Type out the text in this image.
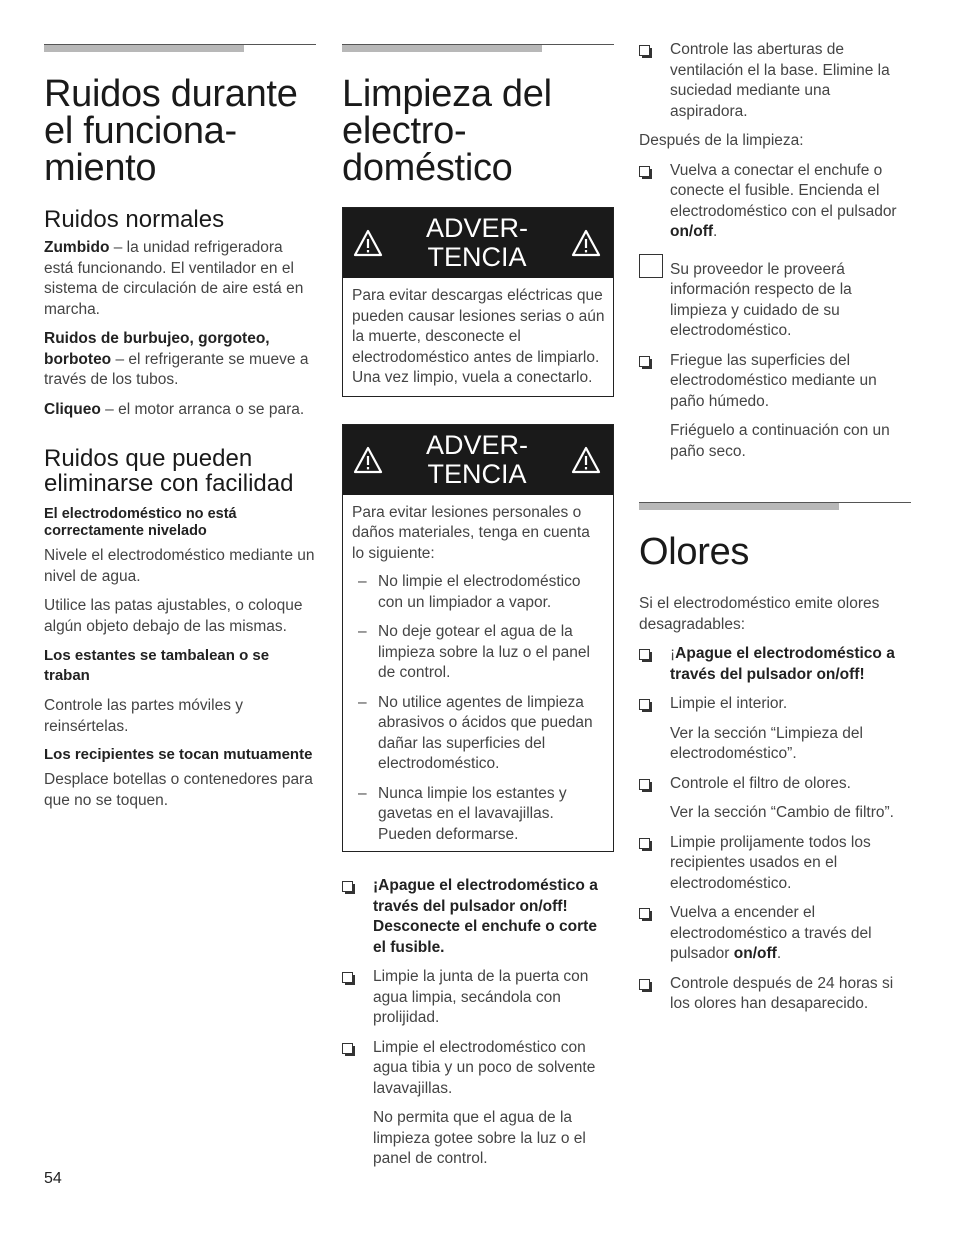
Ruidos durante
el funciona-
miento
Ruidos normales

Zumbido – la unidad refrigeradora está funcionando. El ventilador en el sistema de circulación de aire está en marcha.

Ruidos de burbujeo, gorgoteo, borboteo – el refrigerante se mueve a través de los tubos.

Cliqueo – el motor arranca o se para.

Ruidos que pueden eliminarse con facilidad
El electrodoméstico no está correctamente nivelado

Nivele el electrodoméstico mediante un nivel de agua.

Utilice las patas ajustables, o coloque algún objeto debajo de las mismas.

Los estantes se tambalean o se traban

Controle las partes móviles y reinsértelas.

Los recipientes se tocan mutuamente

Desplace botellas o contenedores para que no se toquen.

Limpieza del
electro-
doméstico
ADVER-
TENCIA

Para evitar descargas eléctricas que pueden causar lesiones serias o aún la muerte, desconecte el electrodoméstico antes de limpiarlo. Una vez limpio, vuela a conectarlo.

ADVER-
TENCIA

Para evitar lesiones personales o daños materiales, tenga en cuenta lo siguiente:

– No limpie el electrodoméstico con un limpiador a vapor.
– No deje gotear el agua de la limpieza sobre la luz o el panel de control.
– No utilice agentes de limpieza abrasivos o ácidos que puedan dañar las superficies del electrodoméstico.
– Nunca limpie los estantes y gavetas en el lavavajillas. Pueden deformarse.
¡Apague el electrodoméstico a través del pulsador on/off! Desconecte el enchufe o corte el fusible.
Limpie la junta de la puerta con agua limpia, secándola con prolijidad.
Limpie el electrodoméstico con agua tibia y un poco de solvente lavavajillas.

No permita que el agua de la limpieza gotee sobre la luz o el panel de control.

Controle las aberturas de ventilación el la base. Elimine la suciedad mediante una aspiradora.

Después de la limpieza:

Vuelva a conectar el enchufe o conecte el fusible. Encienda el electrodoméstico con el pulsador on/off.
Su proveedor le proveerá información respecto de la limpieza y cuidado de su electrodoméstico.
Friegue las superficies del electrodoméstico mediante un paño húmedo.

Friéguelo a continuación con un paño seco.

Olores

Si el electrodoméstico emite olores desagradables:

¡Apague el electrodoméstico a través del pulsador on/off!
Limpie el interior.

Ver la sección “Limpieza del electrodoméstico”.

Controle el filtro de olores.

Ver la sección “Cambio de filtro”.

Limpie prolijamente todos los recipientes usados en el electrodoméstico.
Vuelva a encender el electrodoméstico a través del pulsador on/off.
Controle después de 24 horas si los olores han desaparecido.
54
